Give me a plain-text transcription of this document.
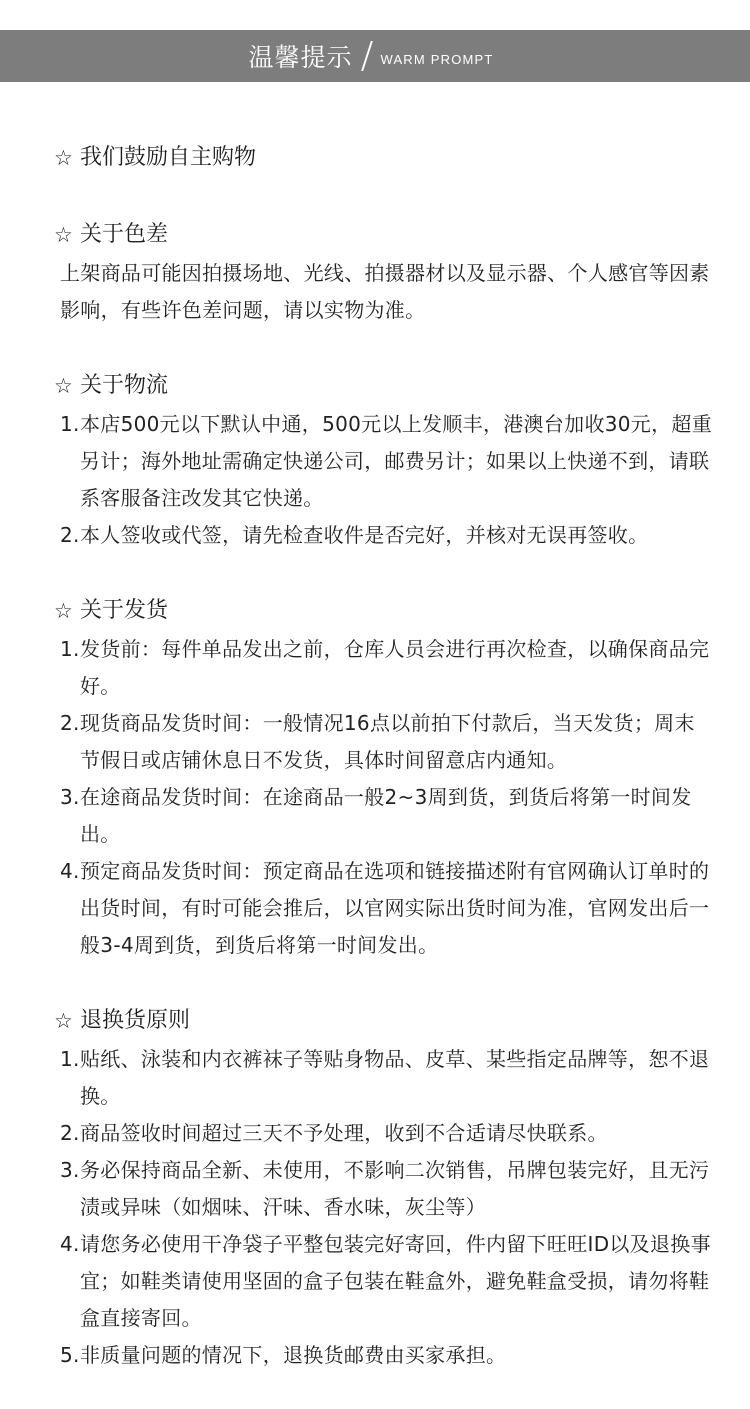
温馨提示 WARM PROMPT
☆ 我们鼓励自主购物
☆ 关于色差

上架商品可能因拍摄场地、光线、拍摄器材以及显示器、个人感官等因素影响，有些许色差问题，请以实物为准。

☆ 关于物流
1. 本店500元以下默认中通，500元以上发顺丰，港澳台加收30元，超重另计；海外地址需确定快递公司，邮费另计；如果以上快递不到，请联系客服备注改发其它快递。
2. 本人签收或代签，请先检查收件是否完好，并核对无误再签收。
☆ 关于发货
1. 发货前：每件单品发出之前，仓库人员会进行再次检查，以确保商品完好。
2. 现货商品发货时间：一般情况16点以前拍下付款后，当天发货；周末节假日或店铺休息日不发货，具体时间留意店内通知。
3. 在途商品发货时间：在途商品一般2~3周到货，到货后将第一时间发出。
4. 预定商品发货时间：预定商品在选项和链接描述附有官网确认订单时的出货时间，有时可能会推后，以官网实际出货时间为准，官网发出后一般3-4周到货，到货后将第一时间发出。
☆ 退换货原则
1. 贴纸、泳装和内衣裤袜子等贴身物品、皮草、某些指定品牌等，恕不退换。
2. 商品签收时间超过三天不予处理，收到不合适请尽快联系。
3. 务必保持商品全新、未使用，不影响二次销售，吊牌包装完好，且无污渍或异味（如烟味、汗味、香水味，灰尘等）
4. 请您务必使用干净袋子平整包装完好寄回，件内留下旺旺ID以及退换事宜；如鞋类请使用坚固的盒子包装在鞋盒外，避免鞋盒受损，请勿将鞋盒直接寄回。
5. 非质量问题的情况下，退换货邮费由买家承担。
